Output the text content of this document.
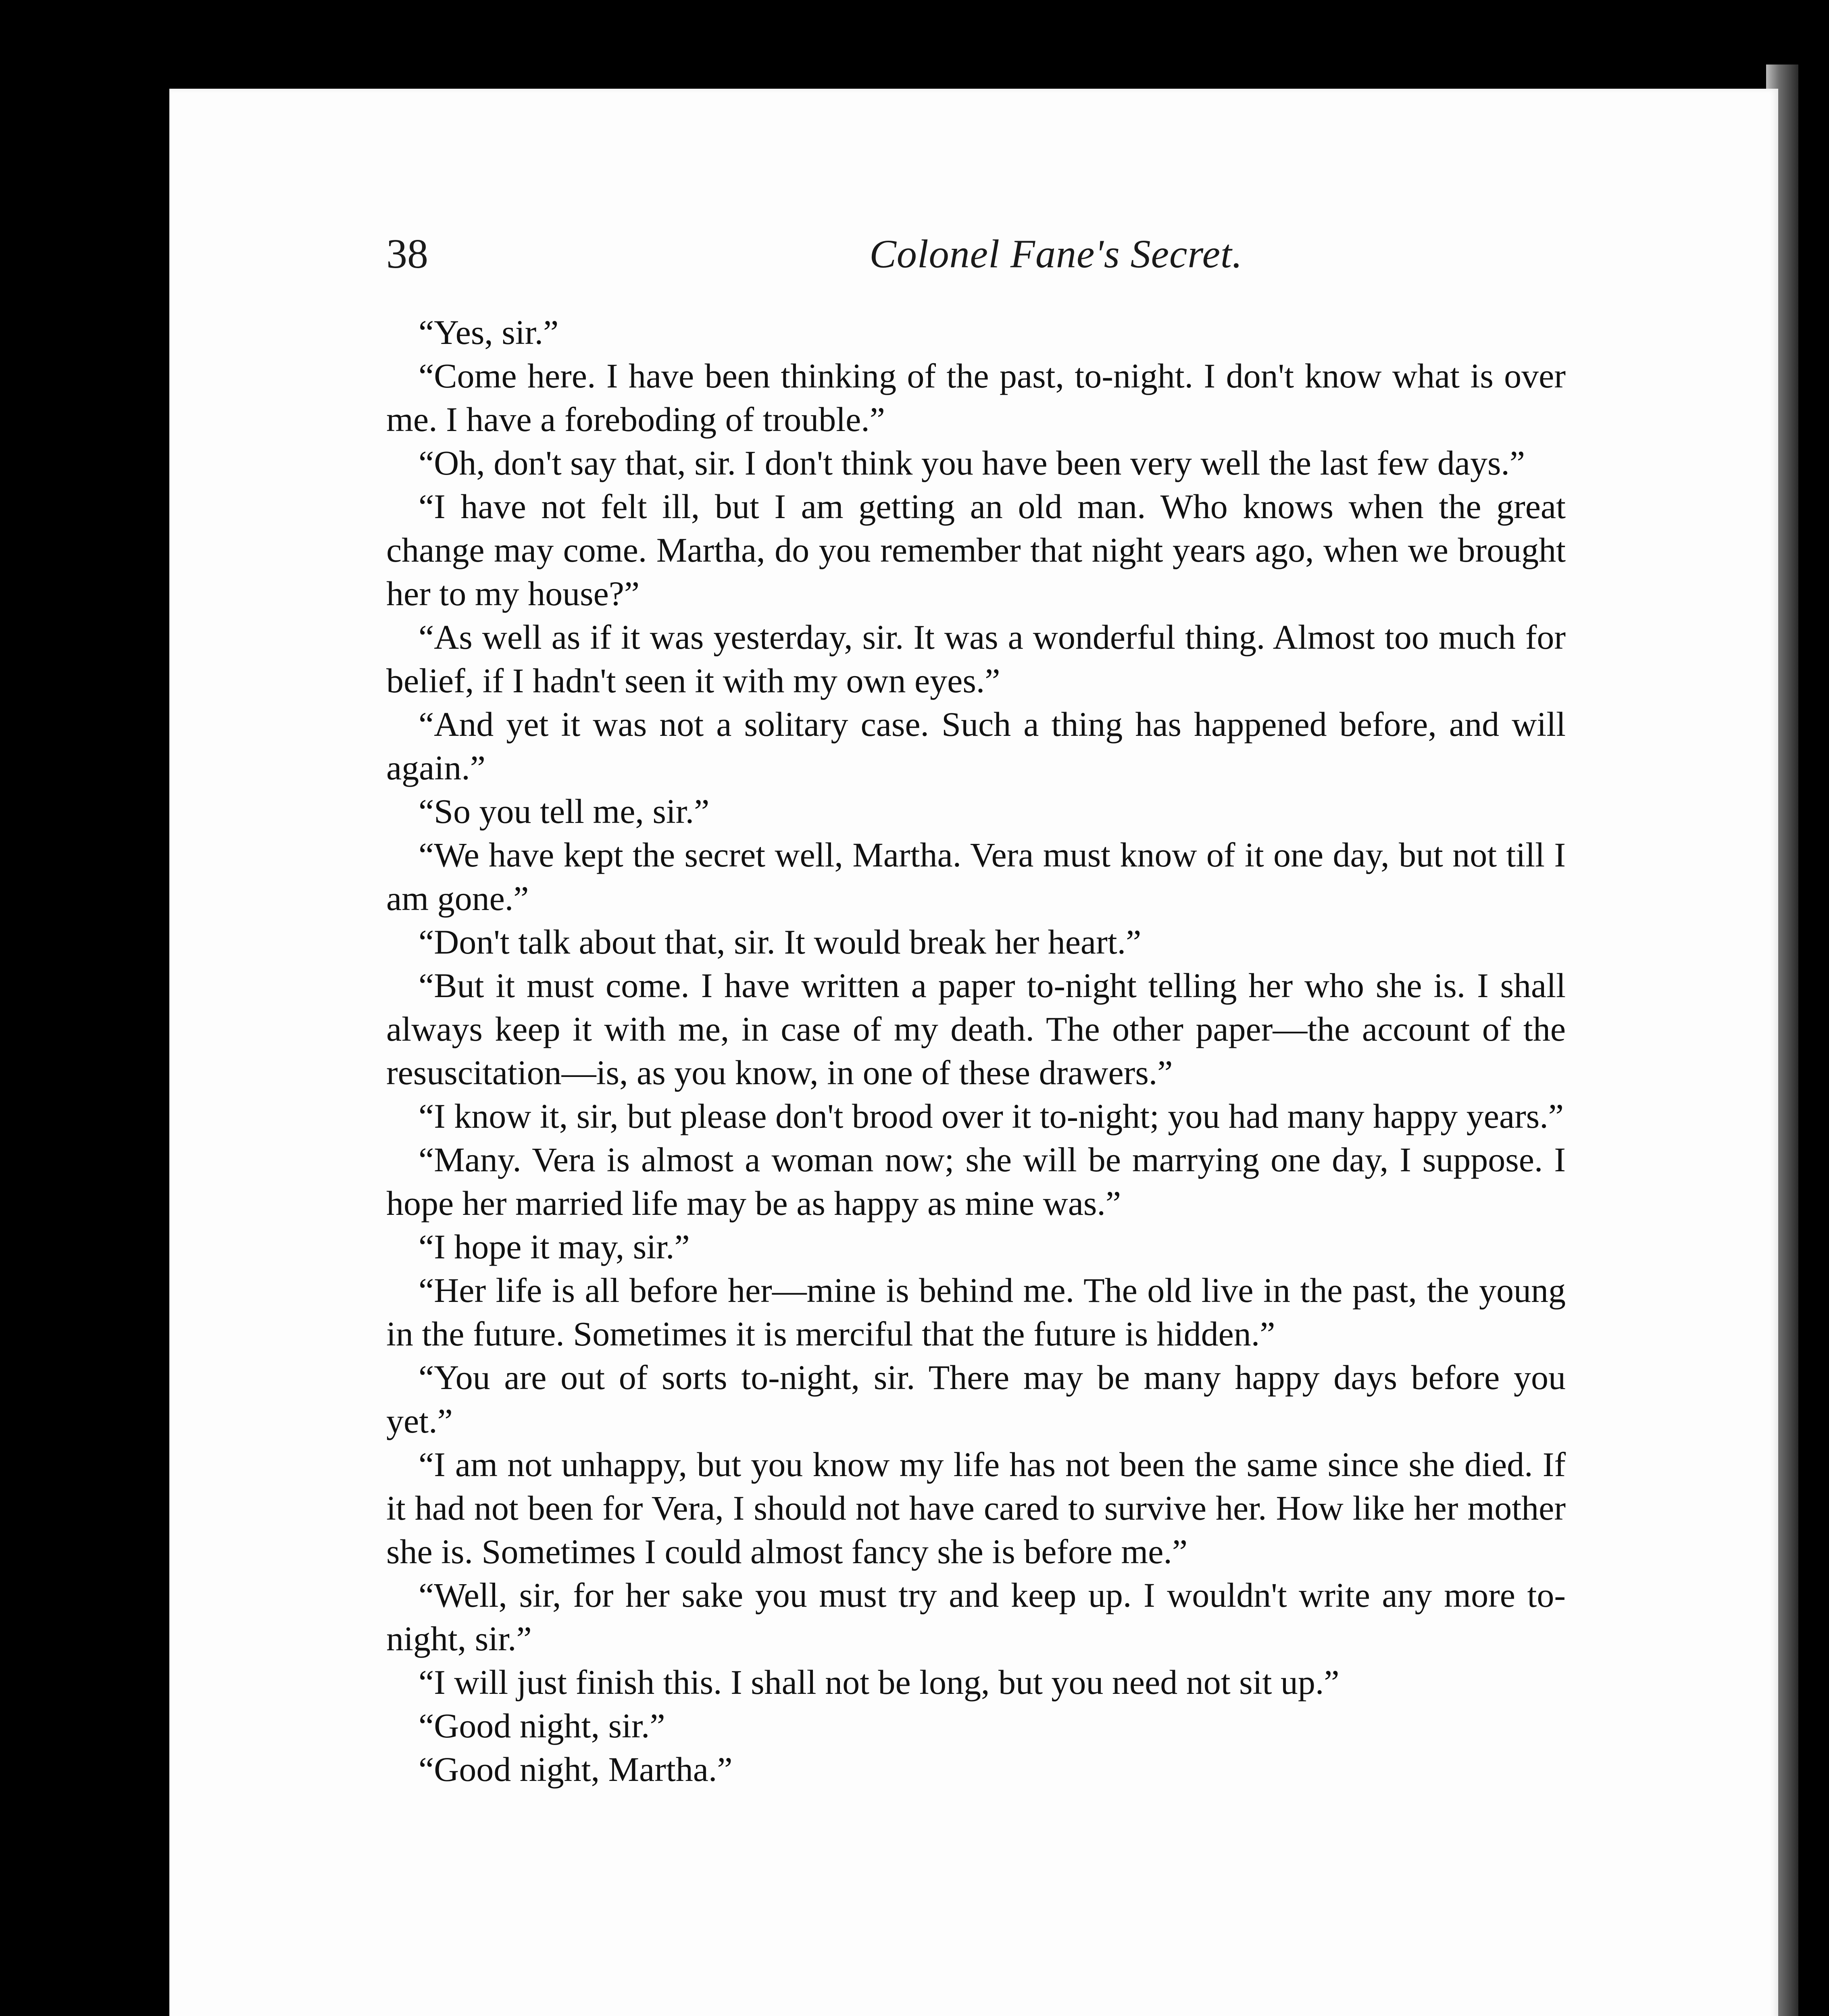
38	Colonel Fane's Secret.

“Yes, sir.”

“Come here. I have been thinking of the past, to-night. I don't know what is over me. I have a foreboding of trouble.”

“Oh, don't say that, sir. I don't think you have been very well the last few days.”

“I have not felt ill, but I am getting an old man. Who knows when the great change may come. Martha, do you remember that night years ago, when we brought her to my house?”

“As well as if it was yesterday, sir. It was a wonderful thing. Almost too much for belief, if I hadn't seen it with my own eyes.”

“And yet it was not a solitary case. Such a thing has happened before, and will again.”

“So you tell me, sir.”

“We have kept the secret well, Martha. Vera must know of it one day, but not till I am gone.”

“Don't talk about that, sir. It would break her heart.”

“But it must come. I have written a paper to-night telling her who she is. I shall always keep it with me, in case of my death. The other paper—the account of the resuscitation—is, as you know, in one of these drawers.”

“I know it, sir, but please don't brood over it to-night; you had many happy years.”

“Many. Vera is almost a woman now; she will be marrying one day, I suppose. I hope her married life may be as happy as mine was.”

“I hope it may, sir.”

“Her life is all before her—mine is behind me. The old live in the past, the young in the future. Sometimes it is merciful that the future is hidden.”

“You are out of sorts to-night, sir. There may be many happy days before you yet.”

“I am not unhappy, but you know my life has not been the same since she died. If it had not been for Vera, I should not have cared to survive her. How like her mother she is. Sometimes I could almost fancy she is before me.”

“Well, sir, for her sake you must try and keep up. I wouldn't write any more to-night, sir.”

“I will just finish this. I shall not be long, but you need not sit up.”

“Good night, sir.”

“Good night, Martha.”
